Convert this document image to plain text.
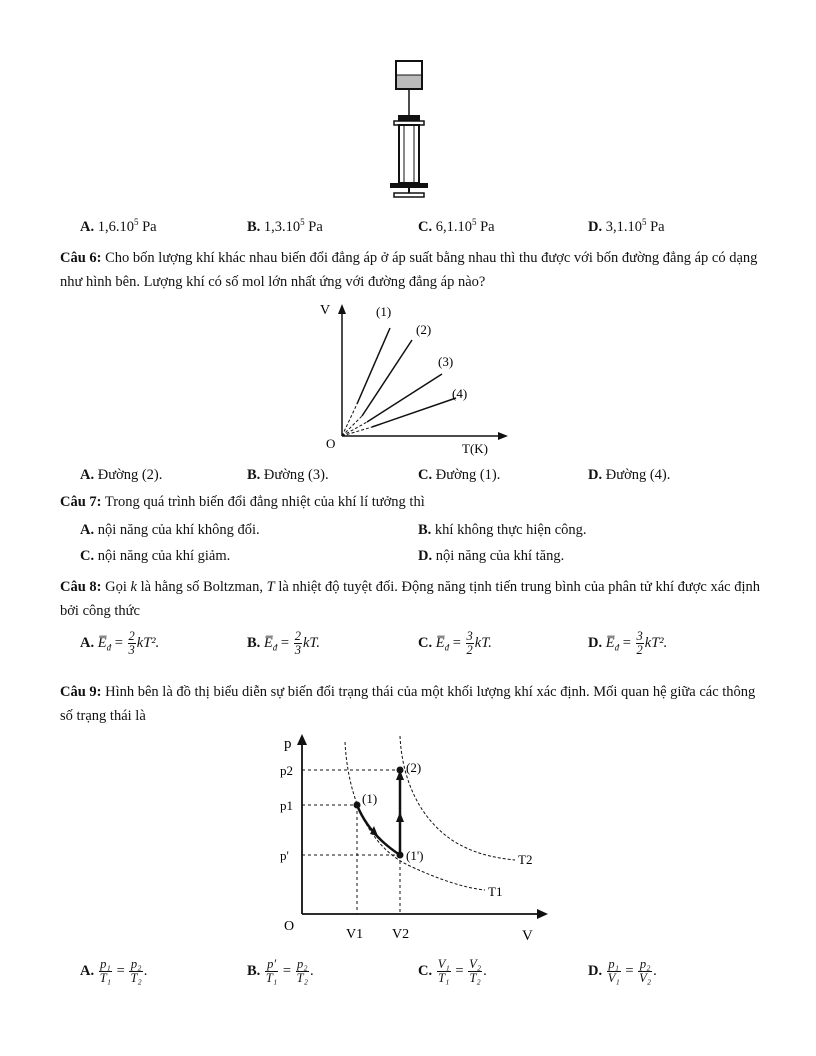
A. 1,6.10$^5$ Pa	B. 1,3.10$^5$ Pa	C. 6,1.10$^5$ Pa	D. 3,1.10$^5$ Pa
Câu 6: Cho bốn lượng khí khác nhau biến đổi đẳng áp ở áp suất bằng nhau thì thu được với bốn đường đẳng áp có dạng như hình bên. Lượng khí có số mol lớn nhất ứng với đường đẳng áp nào?
V
O	T(K)
(1)
(2)
(3)
(4)
A. Đường (2).	B. Đường (3).	C. Đường (1).	D. Đường (4).
Câu 7: Trong quá trình biến đổi đẳng nhiệt của khí lí tưởng thì
A. nội năng của khí không đổi.	B. khí không thực hiện công.
C. nội năng của khí giảm.	D. nội năng của khí tăng.
Câu 8: Gọi k là hằng số Boltzman, T là nhiệt độ tuyệt đối. Động năng tịnh tiến trung bình của phân tử khí được xác định bởi công thức
A. $E̅_đ = \frac{2}{3} kT^2$.	B. $E̅_đ = \frac{2}{3}$ kT.	C. $E̅_đ = \frac{3}{2}$ kT.	D. $E̅_đ = \frac{3}{2} kT^2$.
Câu 9: Hình bên là đồ thị biểu diễn sự biến đổi trạng thái của một khối lượng khí xác định. Mối quan hệ giữa các thông số trạng thái là
p
O
V
p2
p1
p'
V1 V2
T2
T1
(1)
(2)
(1')
A. $\frac{\text{p₁}}{\text{T₁}} = \frac{\text{p₂}}{\text{T₂}}$ .	B. $\frac{p'}{\text{T₁}} = \frac{\text{p₂}}{\text{T₂}}$ .	C. $\frac{\text{V₁}}{\text{T₁}} = \frac{\text{V₂}}{\text{T₂}}$ .	D. $\frac{\text{p₁}}{\text{V₁}} = \frac{\text{p₂}}{\text{V₂}}$ .
